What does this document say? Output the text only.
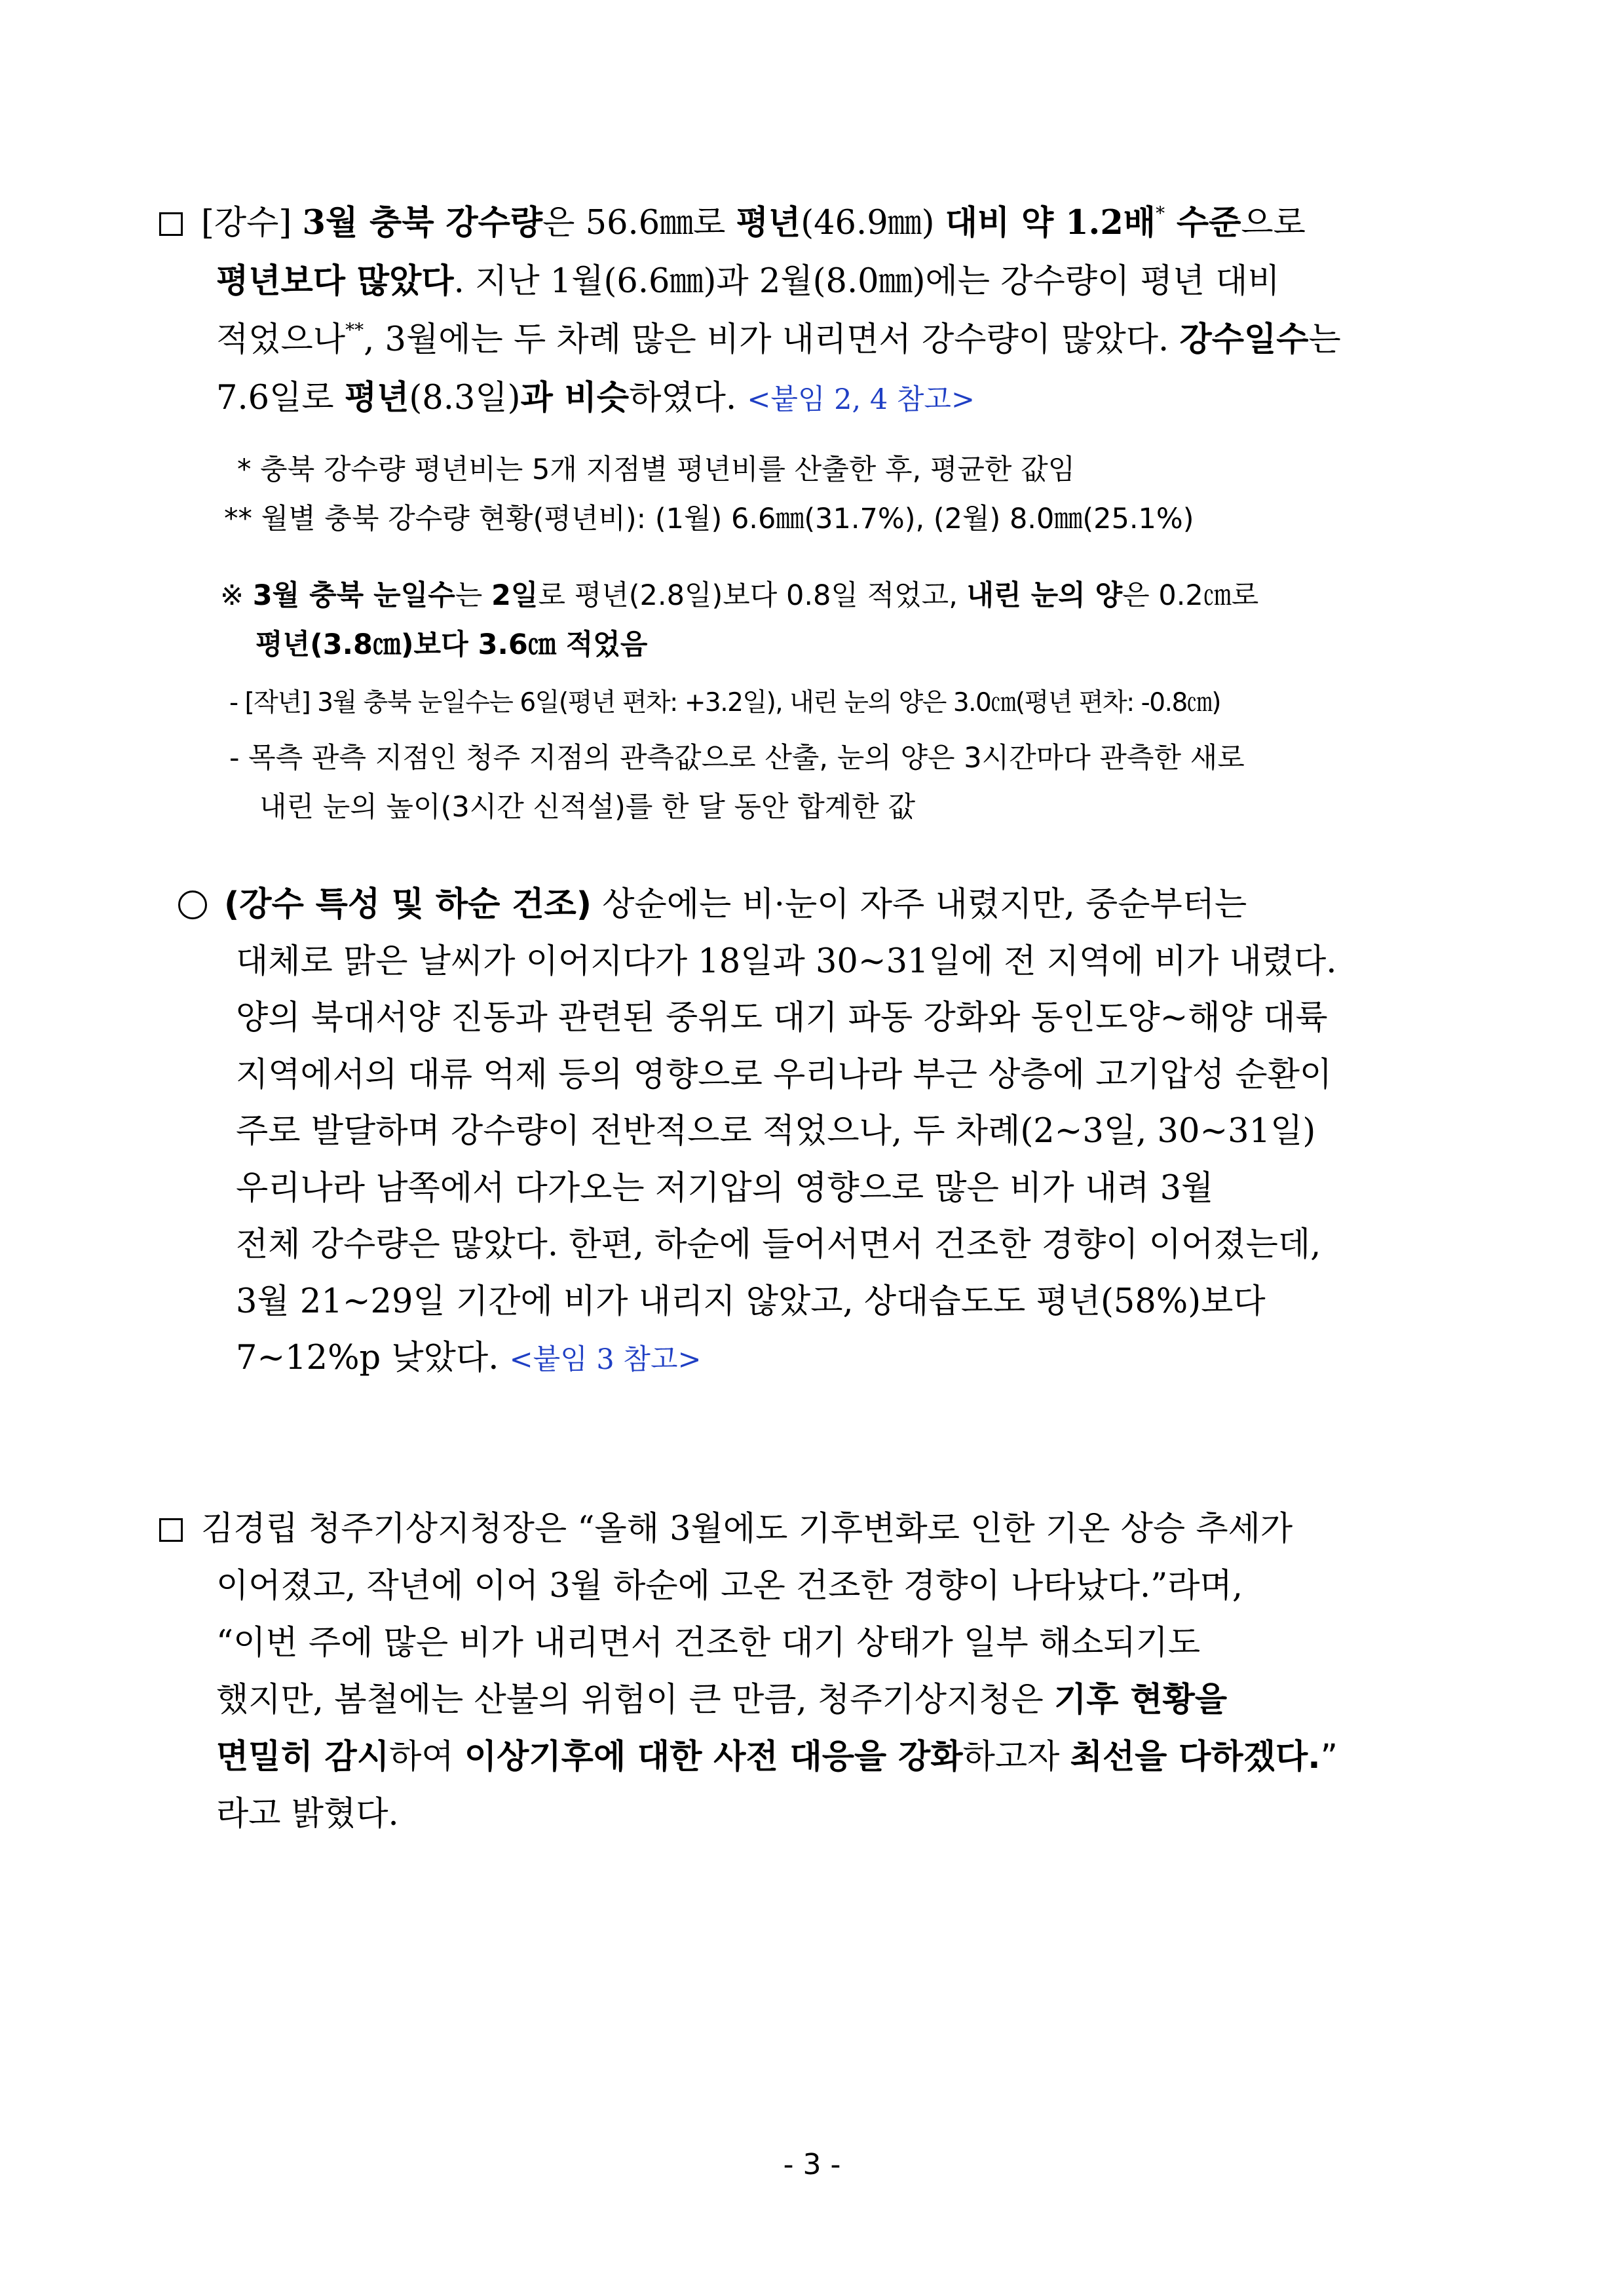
[강수] 3월 충북 강수량은 56.6㎜로 평년(46.9㎜) 대비 약 1.2배* 수준으로
평년보다 많았다. 지난 1월(6.6㎜)과 2월(8.0㎜)에는 강수량이 평년 대비
적었으나**, 3월에는 두 차례 많은 비가 내리면서 강수량이 많았다. 강수일수는
7.6일로 평년(8.3일)과 비슷하였다. <붙임 2, 4 참고>
* 충북 강수량 평년비는 5개 지점별 평년비를 산출한 후, 평균한 값임
** 월별 충북 강수량 현황(평년비): (1월) 6.6㎜(31.7%), (2월) 8.0㎜(25.1%)
※ 3월 충북 눈일수는 2일로 평년(2.8일)보다 0.8일 적었고, 내린 눈의 양은 0.2㎝로
평년(3.8㎝)보다 3.6㎝ 적었음
- [작년] 3월 충북 눈일수는 6일(평년 편차: +3.2일), 내린 눈의 양은 3.0㎝(평년 편차: -0.8㎝)
- 목측 관측 지점인 청주 지점의 관측값으로 산출, 눈의 양은 3시간마다 관측한 새로
내린 눈의 높이(3시간 신적설)를 한 달 동안 합계한 값
(강수 특성 및 하순 건조) 상순에는 비·눈이 자주 내렸지만, 중순부터는
대체로 맑은 날씨가 이어지다가 18일과 30~31일에 전 지역에 비가 내렸다.
양의 북대서양 진동과 관련된 중위도 대기 파동 강화와 동인도양~해양 대륙
지역에서의 대류 억제 등의 영향으로 우리나라 부근 상층에 고기압성 순환이
주로 발달하며 강수량이 전반적으로 적었으나, 두 차례(2~3일, 30~31일)
우리나라 남쪽에서 다가오는 저기압의 영향으로 많은 비가 내려 3월
전체 강수량은 많았다. 한편, 하순에 들어서면서 건조한 경향이 이어졌는데,
3월 21~29일 기간에 비가 내리지 않았고, 상대습도도 평년(58%)보다
7~12%p 낮았다. <붙임 3 참고>
김경립 청주기상지청장은 “올해 3월에도 기후변화로 인한 기온 상승 추세가
이어졌고, 작년에 이어 3월 하순에 고온 건조한 경향이 나타났다.”라며,
“이번 주에 많은 비가 내리면서 건조한 대기 상태가 일부 해소되기도
했지만, 봄철에는 산불의 위험이 큰 만큼, 청주기상지청은 기후 현황을
면밀히 감시하여 이상기후에 대한 사전 대응을 강화하고자 최선을 다하겠다.”
라고 밝혔다.
- 3 -
